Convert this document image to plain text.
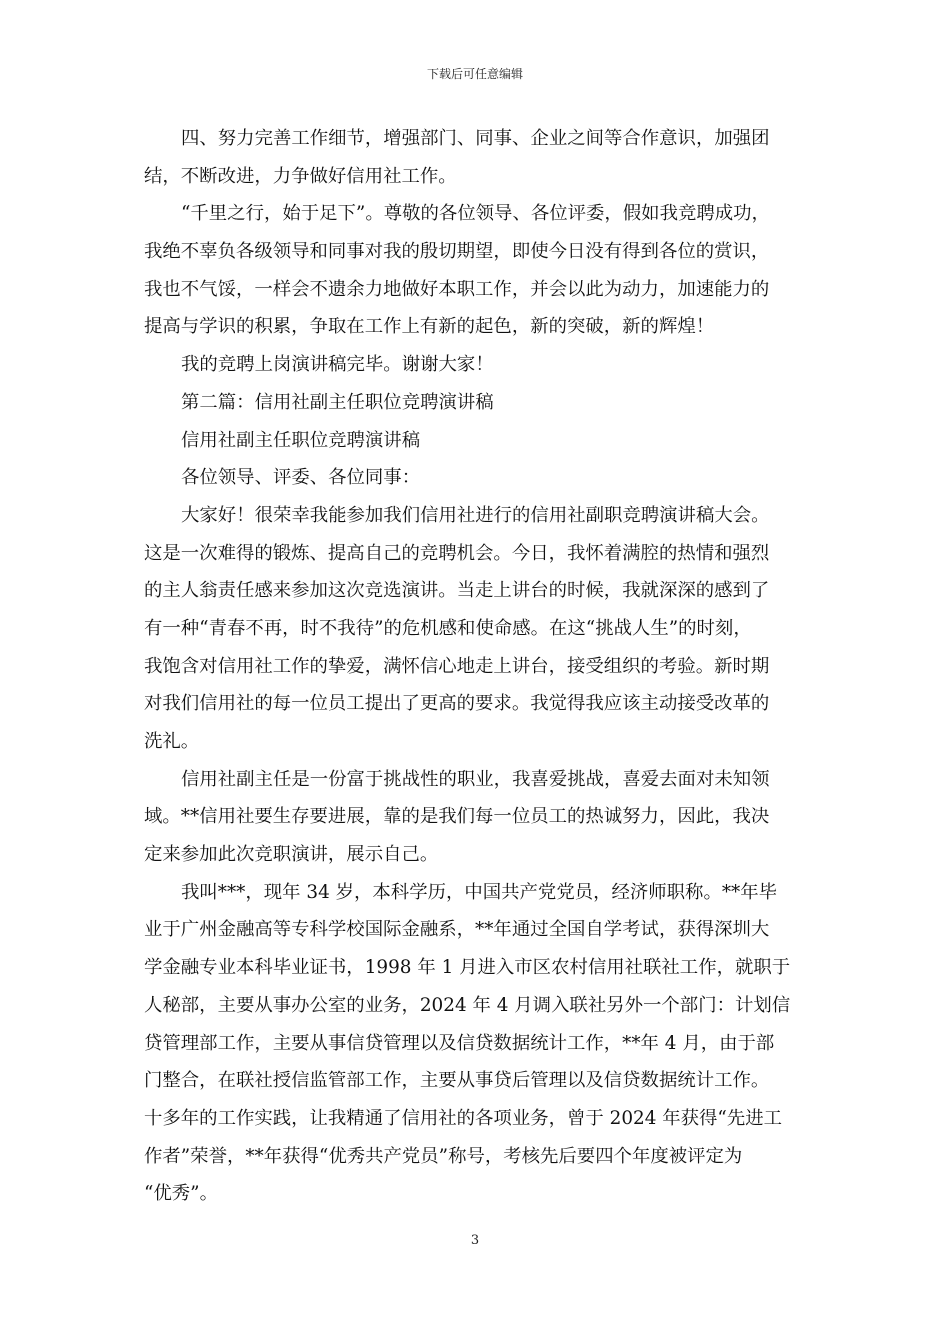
下载后可任意编辑
四、努力完善工作细节，增强部门、同事、企业之间等合作意识，加强团
结，不断改进，力争做好信用社工作。
“千里之行，始于足下”。尊敬的各位领导、各位评委，假如我竞聘成功，
我绝不辜负各级领导和同事对我的殷切期望，即使今日没有得到各位的赏识，
我也不气馁，一样会不遗余力地做好本职工作，并会以此为动力，加速能力的
提高与学识的积累，争取在工作上有新的起色，新的突破，新的辉煌！
我的竞聘上岗演讲稿完毕。谢谢大家！
第二篇：信用社副主任职位竞聘演讲稿
信用社副主任职位竞聘演讲稿
各位领导、评委、各位同事：
大家好！很荣幸我能参加我们信用社进行的信用社副职竞聘演讲稿大会。
这是一次难得的锻炼、提高自己的竞聘机会。今日，我怀着满腔的热情和强烈
的主人翁责任感来参加这次竞选演讲。当走上讲台的时候，我就深深的感到了
有一种“青春不再，时不我待”的危机感和使命感。在这“挑战人生”的时刻，
我饱含对信用社工作的挚爱，满怀信心地走上讲台，接受组织的考验。新时期
对我们信用社的每一位员工提出了更高的要求。我觉得我应该主动接受改革的
洗礼。
信用社副主任是一份富于挑战性的职业，我喜爱挑战，喜爱去面对未知领
域。**信用社要生存要进展，靠的是我们每一位员工的热诚努力，因此，我决
定来参加此次竞职演讲，展示自己。
我叫***，现年 34 岁，本科学历，中国共产党党员，经济师职称。**年毕
业于广州金融高等专科学校国际金融系，**年通过全国自学考试，获得深圳大
学金融专业本科毕业证书，1998 年 1 月进入市区农村信用社联社工作，就职于
人秘部，主要从事办公室的业务，2024 年 4 月调入联社另外一个部门：计划信
贷管理部工作，主要从事信贷管理以及信贷数据统计工作，**年 4 月，由于部
门整合，在联社授信监管部工作，主要从事贷后管理以及信贷数据统计工作。
十多年的工作实践，让我精通了信用社的各项业务，曾于 2024 年获得“先进工
作者”荣誉，**年获得“优秀共产党员”称号，考核先后要四个年度被评定为
“优秀”。
3
